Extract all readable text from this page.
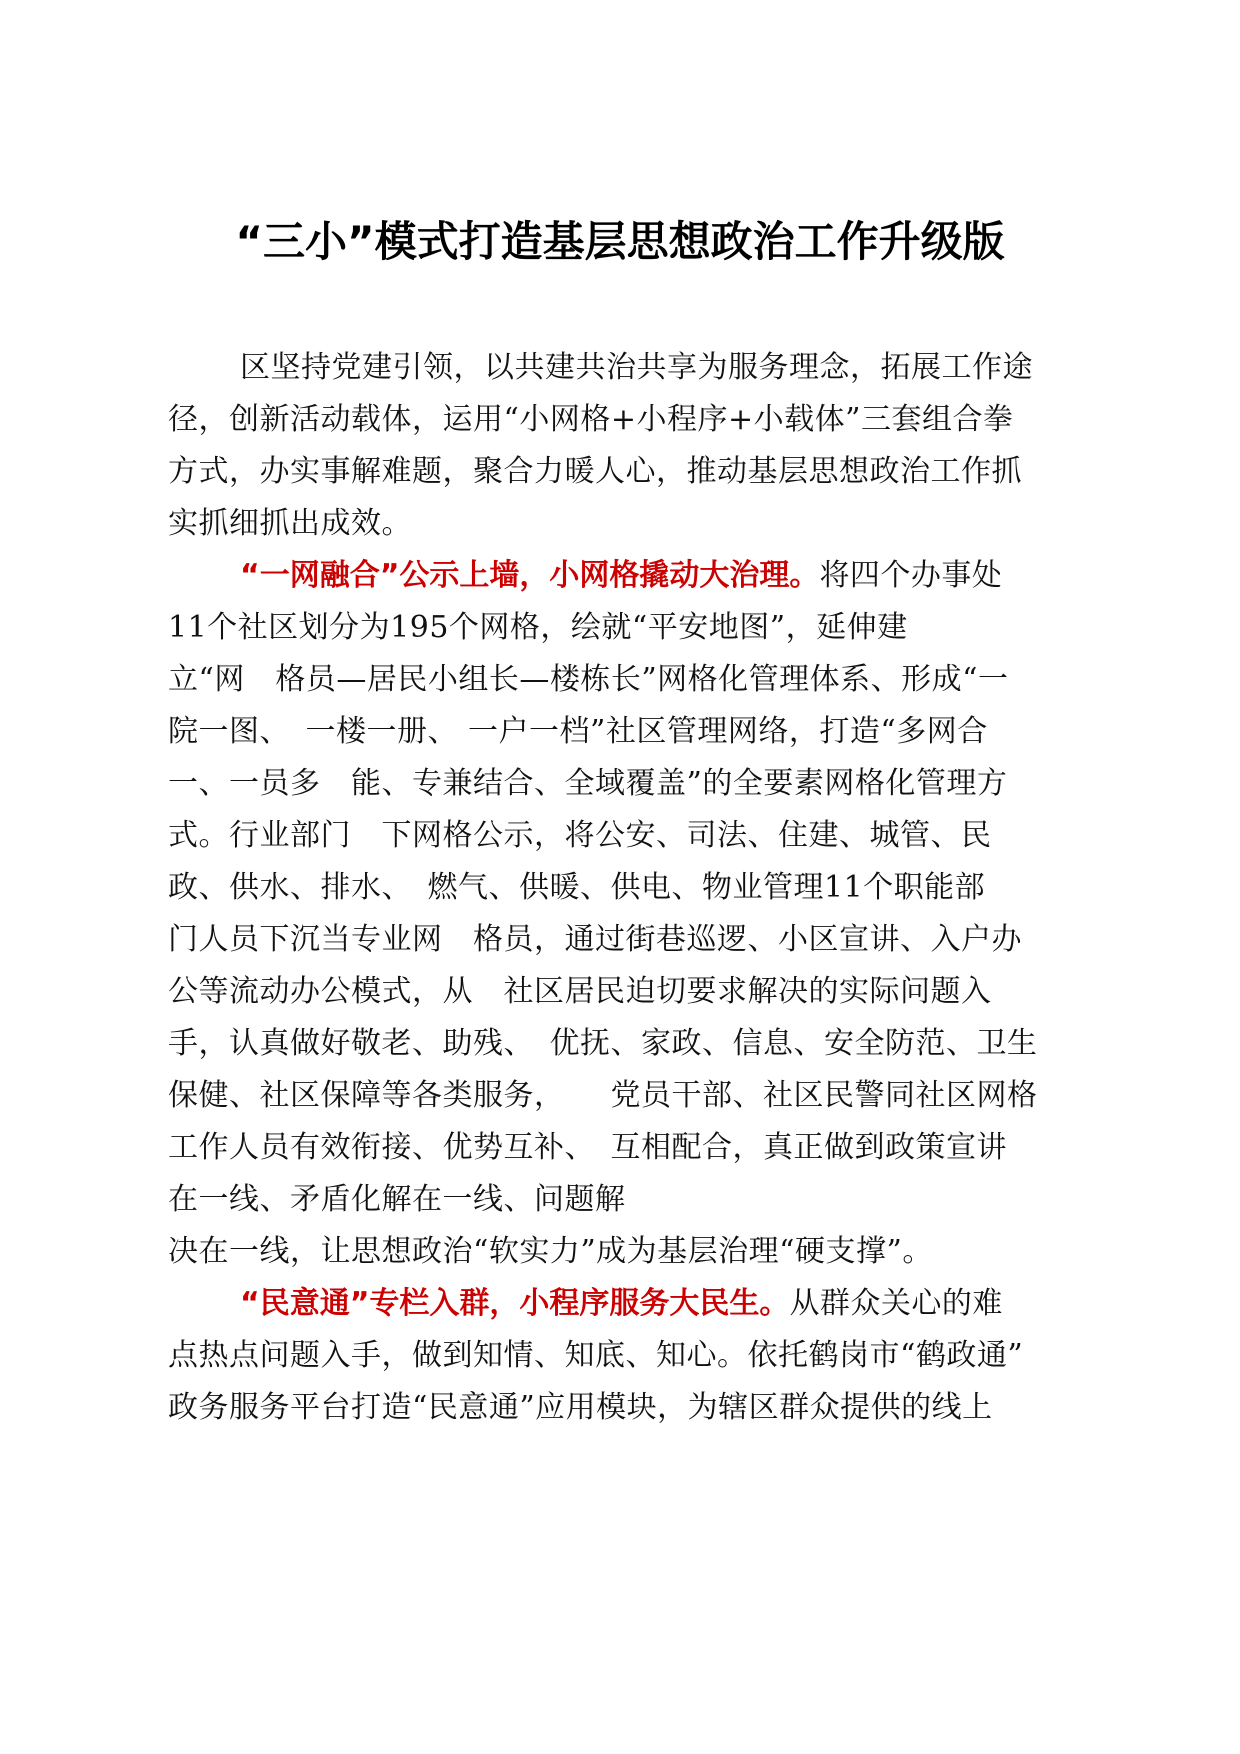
“三小”模式打造基层思想政治工作升级版
区坚持党建引领，以共建共治共享为服务理念，拓展工作途
径，创新活动载体，运用“小网格+小程序+小载体”三套组合拳
方式，办实事解难题，聚合力暖人心，推动基层思想政治工作抓
实抓细抓出成效。
“一网融合”公示上墙，小网格撬动大治理。将四个办事处
11个社区划分为195个网格，绘就“平安地图”，延伸建
立“网　格员—居民小组长—楼栋长”网格化管理体系、形成“一
院一图、　一楼一册、 一户一档”社区管理网络，打造“多网合
一、一员多　能、专兼结合、全域覆盖”的全要素网格化管理方
式。行业部门　下网格公示，将公安、司法、住建、城管、民
政、供水、排水、　燃气、供暖、供电、物业管理11个职能部
门人员下沉当专业网　格员，通过街巷巡逻、小区宣讲、入户办
公等流动办公模式，从　社区居民迫切要求解决的实际问题入
手，认真做好敬老、助残、　优抚、家政、信息、安全防范、卫生
保健、社区保障等各类服务，　　党员干部、社区民警同社区网格
工作人员有效衔接、优势互补、　互相配合，真正做到政策宣讲
在一线、矛盾化解在一线、问题解
决在一线，让思想政治“软实力”成为基层治理“硬支撑”。
“民意通”专栏入群，小程序服务大民生。从群众关心的难
点热点问题入手，做到知情、知底、知心。依托鹤岗市“鹤政通”
政务服务平台打造“民意通”应用模块，为辖区群众提供的线上
